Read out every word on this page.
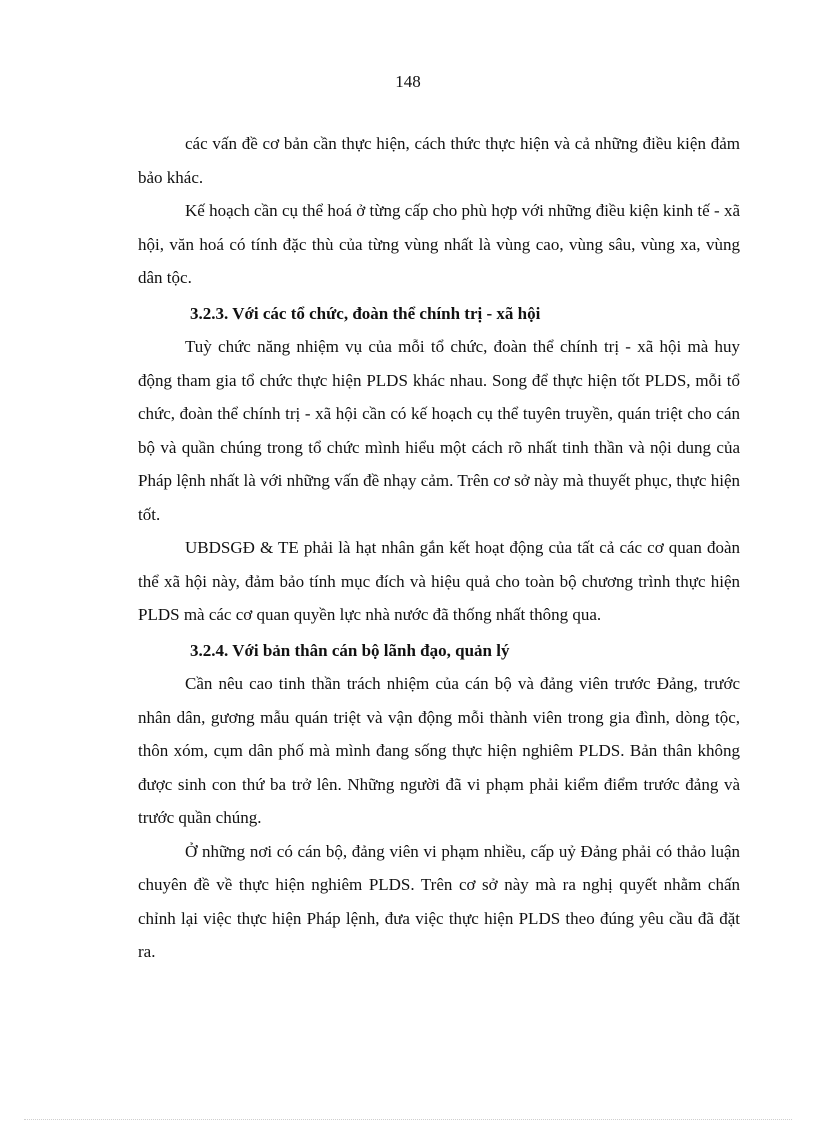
148

các vấn đề cơ bản cần thực hiện, cách thức thực hiện và cả những điều kiện đảm bảo khác.

Kế hoạch cần cụ thể hoá ở từng cấp cho phù hợp với những điều kiện kinh tế - xã hội, văn hoá có tính đặc thù của từng vùng nhất là vùng cao, vùng sâu, vùng xa, vùng dân tộc.

3.2.3. Với các tổ chức, đoàn thể chính trị - xã hội

Tuỳ chức năng nhiệm vụ của mỗi tổ chức, đoàn thể chính trị - xã hội mà huy động tham gia tổ chức thực hiện PLDS khác nhau. Song để thực hiện tốt PLDS, mỗi tổ chức, đoàn thể chính trị - xã hội cần có kế hoạch cụ thể tuyên truyền, quán triệt cho cán bộ và quần chúng trong tổ chức mình hiểu một cách rõ nhất tinh thần và nội dung của Pháp lệnh nhất là với những vấn đề nhạy cảm. Trên cơ sở này mà thuyết phục, thực hiện tốt.

UBDSGĐ & TE phải là hạt nhân gắn kết hoạt động của tất cả các cơ quan đoàn thể xã hội này, đảm bảo tính mục đích và hiệu quả cho toàn bộ chương trình thực hiện PLDS mà các cơ quan quyền lực nhà nước đã thống nhất thông qua.

3.2.4. Với bản thân cán bộ lãnh đạo, quản lý

Cần nêu cao tinh thần trách nhiệm của cán bộ và đảng viên trước Đảng, trước nhân dân, gương mẫu quán triệt và vận động mỗi thành viên trong gia đình, dòng tộc, thôn xóm, cụm dân phố mà mình đang sống thực hiện nghiêm PLDS. Bản thân không được sinh con thứ ba trở lên. Những người đã vi phạm phải kiểm điểm trước đảng và trước quần chúng.

Ở những nơi có cán bộ, đảng viên vi phạm nhiều, cấp uỷ Đảng phải có thảo luận chuyên đề về thực hiện nghiêm PLDS. Trên cơ sở này mà ra nghị quyết nhằm chấn chỉnh lại việc thực hiện Pháp lệnh, đưa việc thực hiện PLDS theo đúng yêu cầu đã đặt ra.
